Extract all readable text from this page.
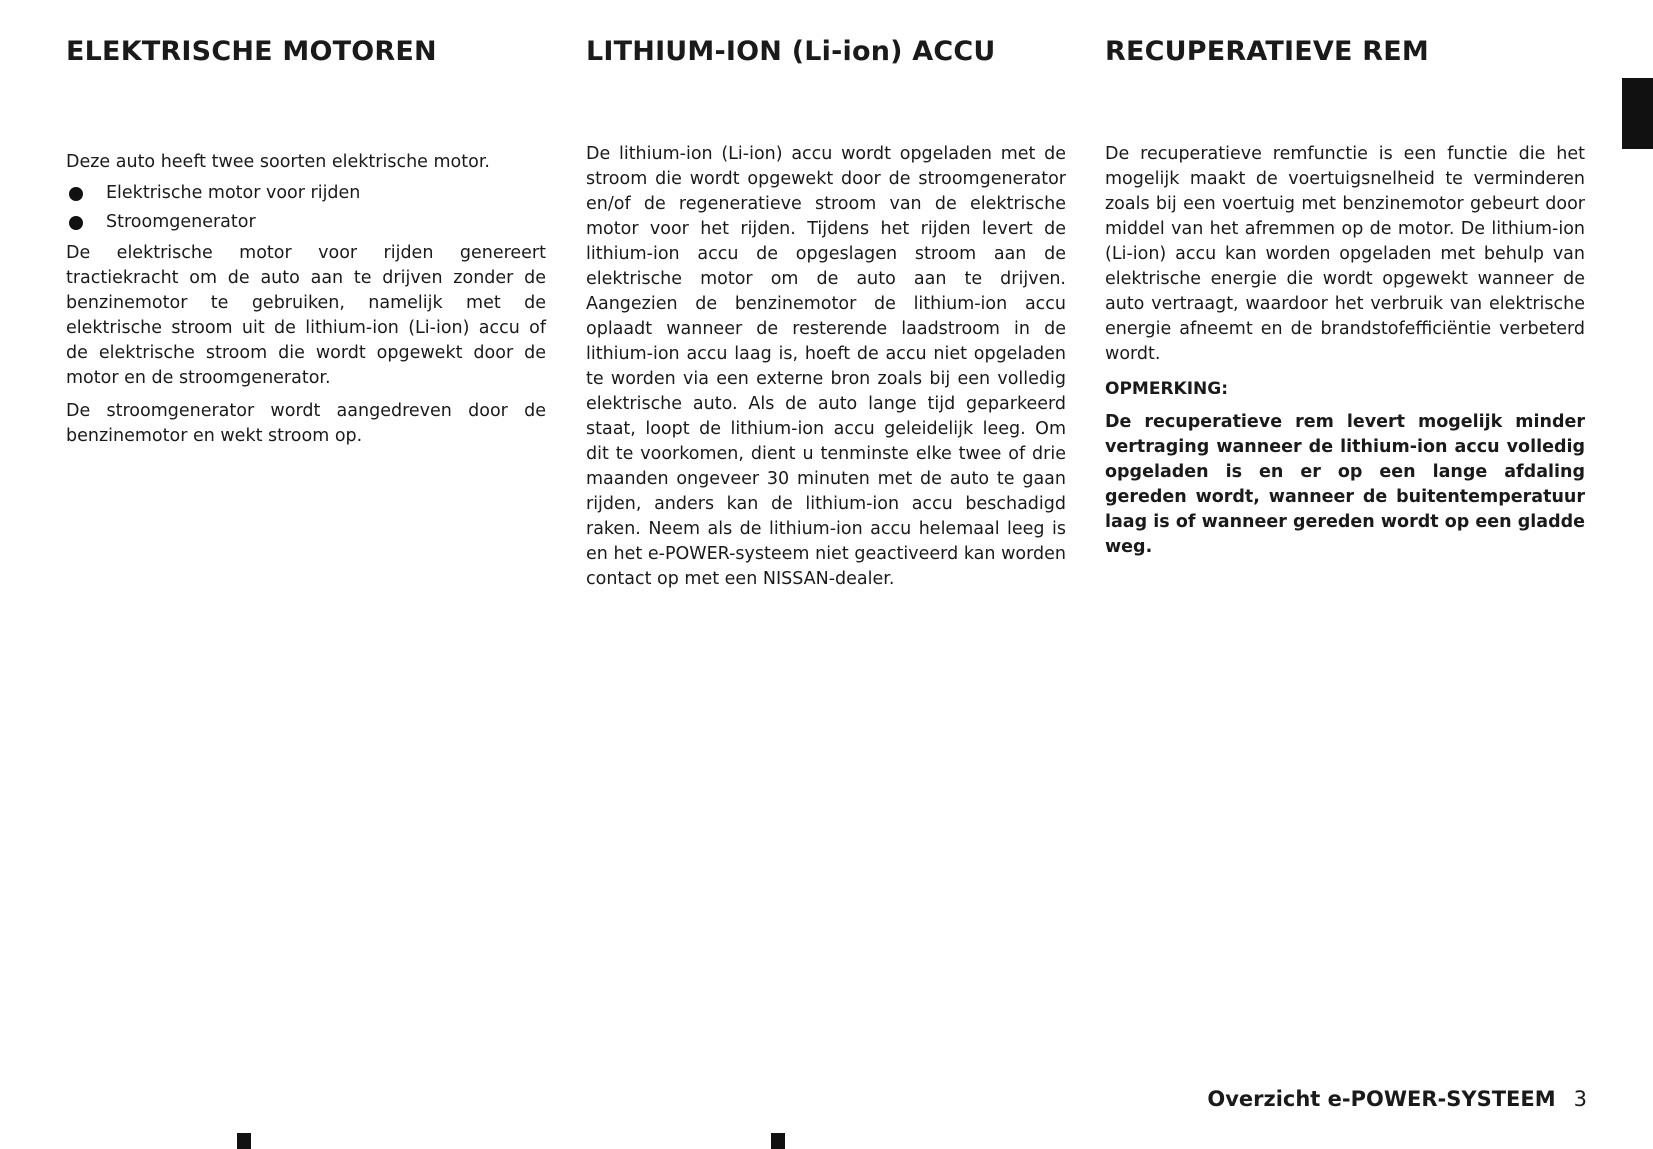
ELEKTRISCHE MOTOREN

Deze auto heeft twee soorten elektrische motor.

Elektrische motor voor rijden
Stroomgenerator

De elektrische motor voor rijden genereert tractiekracht om de auto aan te drijven zonder de benzinemotor te gebruiken, namelijk met de elektrische stroom uit de lithium-ion (Li-ion) accu of de elektrische stroom die wordt opgewekt door de motor en de stroomgenerator.

De stroomgenerator wordt aangedreven door de benzinemotor en wekt stroom op.

LITHIUM-ION (Li-ion) ACCU

De lithium-ion (Li-ion) accu wordt opgeladen met de stroom die wordt opgewekt door de stroomgenerator en/of de regeneratieve stroom van de elektrische motor voor het rijden. Tijdens het rijden levert de lithium-ion accu de opgeslagen stroom aan de elektrische motor om de auto aan te drijven. Aangezien de benzinemotor de lithium-ion accu oplaadt wanneer de resterende laadstroom in de lithium-ion accu laag is, hoeft de accu niet opgeladen te worden via een externe bron zoals bij een volledig elektrische auto. Als de auto lange tijd geparkeerd staat, loopt de lithium-ion accu geleidelijk leeg. Om dit te voorkomen, dient u tenminste elke twee of drie maanden ongeveer 30 minuten met de auto te gaan rijden, anders kan de lithium-ion accu beschadigd raken. Neem als de lithium-ion accu helemaal leeg is en het e-POWER-systeem niet geactiveerd kan worden contact op met een NISSAN-dealer.

RECUPERATIEVE REM

De recuperatieve remfunctie is een functie die het mogelijk maakt de voertuigsnelheid te verminderen zoals bij een voertuig met benzinemotor gebeurt door middel van het afremmen op de motor. De lithium-ion (Li-ion) accu kan worden opgeladen met behulp van elektrische energie die wordt opgewekt wanneer de auto vertraagt, waardoor het verbruik van elektrische energie afneemt en de brandstofefficiëntie verbeterd wordt.

OPMERKING:

De recuperatieve rem levert mogelijk minder vertraging wanneer de lithium-ion accu volledig opgeladen is en er op een lange afdaling gereden wordt, wanneer de buitentemperatuur laag is of wanneer gereden wordt op een gladde weg.

Overzicht e-POWER-SYSTEEM 3
